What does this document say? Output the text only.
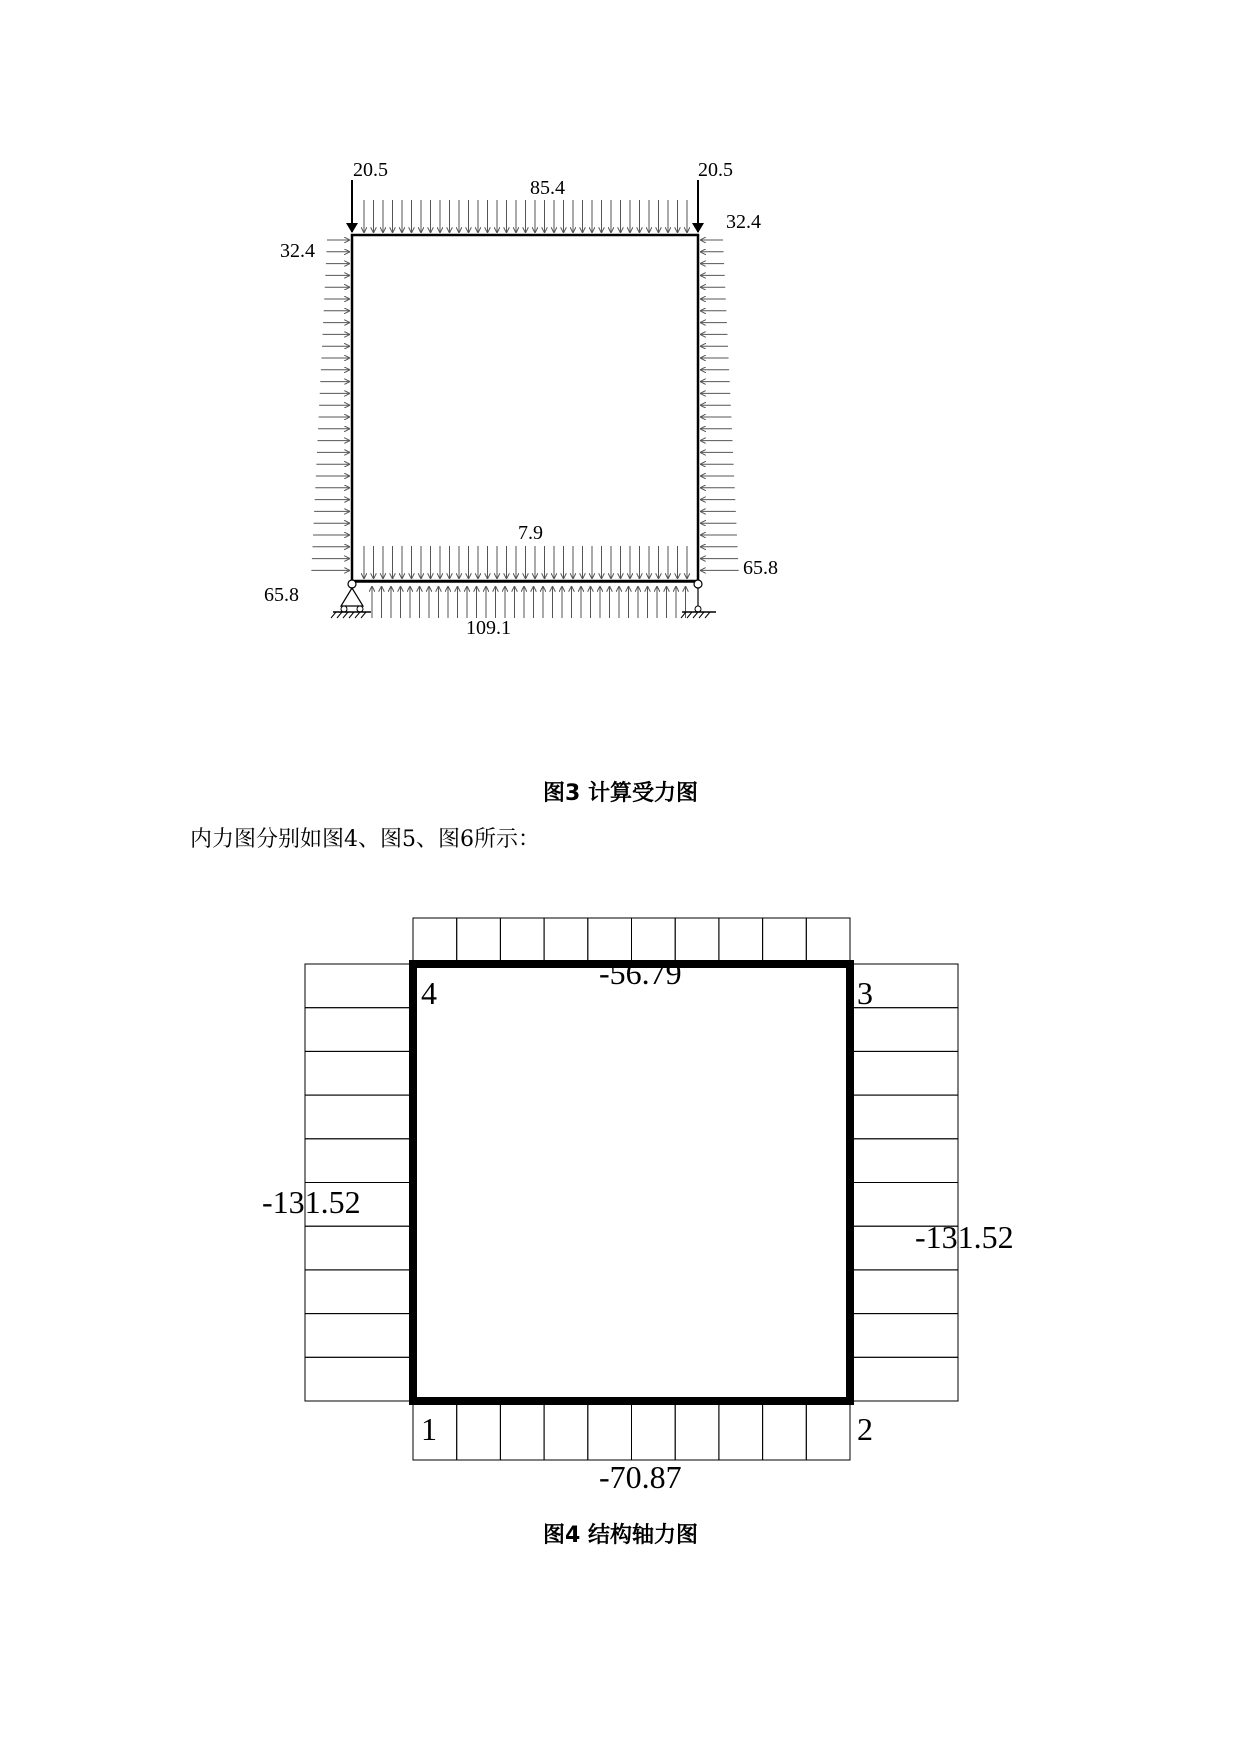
20.5	20.5
85.4
32.4
32.4
7.9
65.8
65.8
109.1
图3 计算受力图
内力图分别如图4、图5、图6所示：
4	3
1	2
-56.79
-131.52
-131.52
-70.87
图4 结构轴力图
